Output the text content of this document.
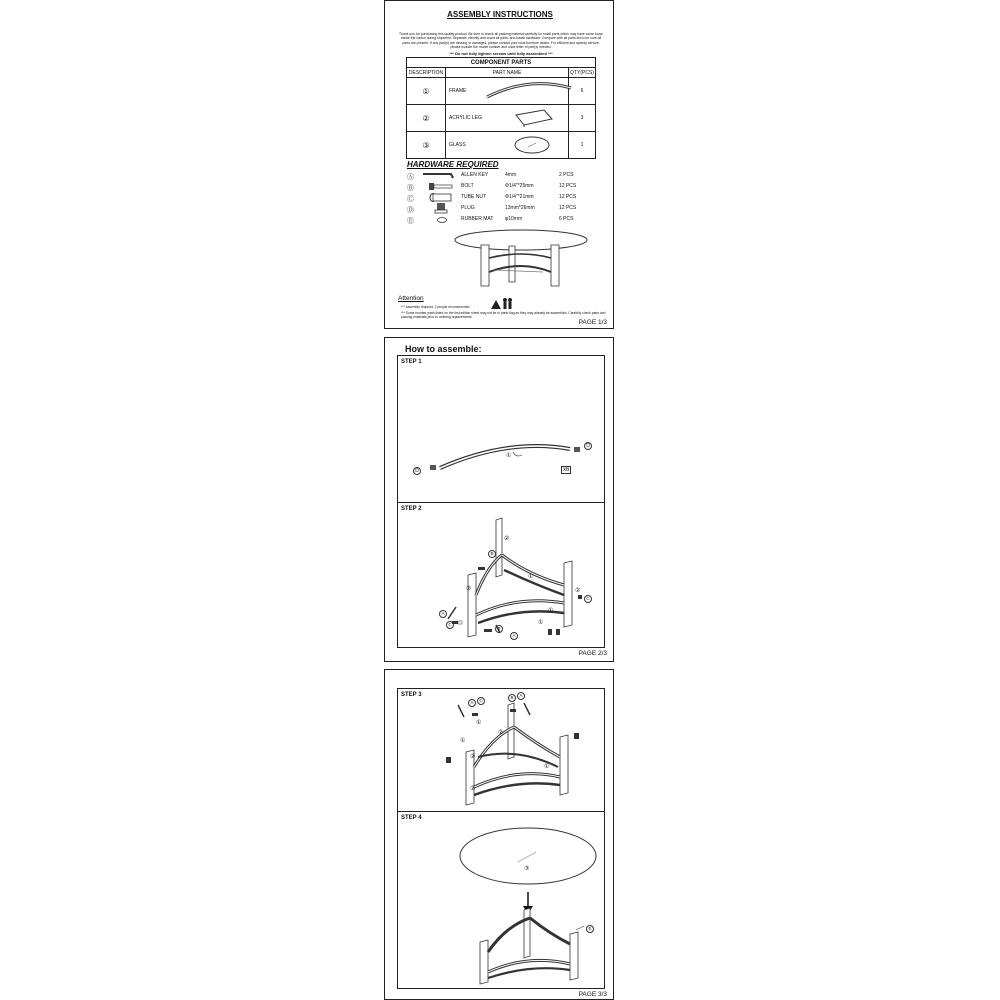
ASSEMBLY INSTRUCTIONS
Thank you for purchasing this quality product. Be sure to check all packing material carefully for small parts which may have come loose inside the carton during shipment. Separate, identify and count all parts, and install hardware. Compare with all parts list to be sure all parts are present. If any part(s) are missing or damaged, please contact your local furniture dealer. For efficient and speedy service, please include the model number and code letter of part(s) needed.
*** Do not fully tighten screws until fully assembled ***
COMPONENT PARTS		
DESCRIPTION	PART NAME	QTY(PCS)
①	FRAME	6
②	ACRYLIC LEG	3
③	GLASS	1
HARDWARE REQUIRED
Ⓐ	ALLEN KEY	4mm	2 PCS
Ⓑ	BOLT	Φ1/4"*25mm	12 PCS
Ⓒ	TUBE NUT	Φ1/4"*21mm	12 PCS
Ⓓ	PLUG	13mm*26mm	12 PCS
Ⓔ	RUBBER MAT φ10mm	6 PCS
Attention
*** Assembly required: 2 people recommended.
*** Some number parts listed on the first edition sheet may not be in parts bag as they may already be assembled. Carefully check parts and packing materials prior to ordering replacements.
PAGE 1/3
How to assemble:
STEP 1
①
D
D
x6
STEP 2
②
②	②
①
①
①
A
C
B
A
B
C
PAGE 2/3
STEP 3
A	C
B	A
①
②
②
②
①
①
STEP 4
③
E
PAGE 3/3
